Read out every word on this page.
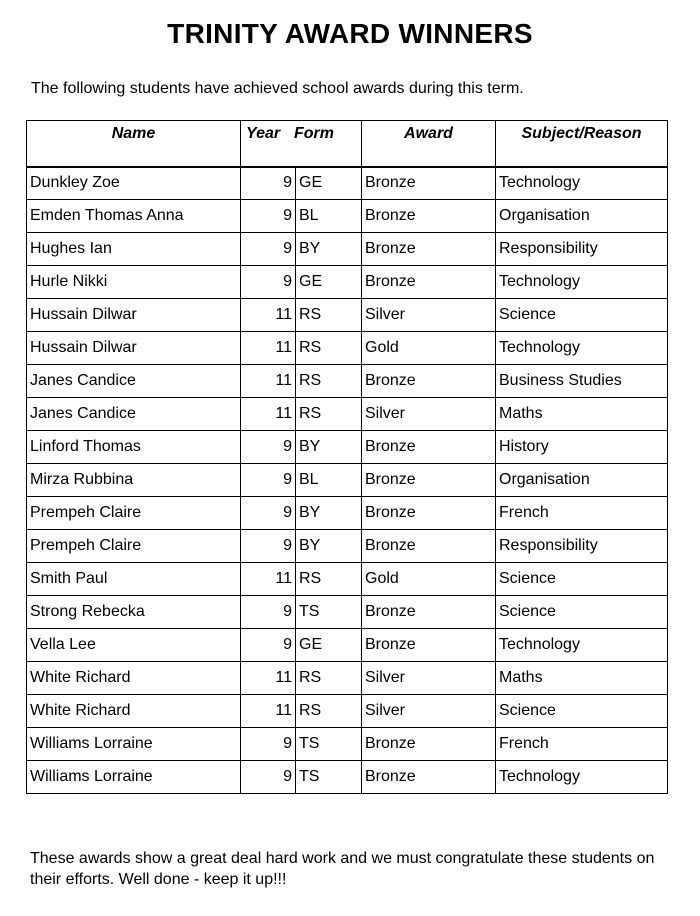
TRINITY AWARD WINNERS
The following students have achieved school awards during this term.
Name	Year Form		Award	Subject/Reason
Dunkley Zoe	9	GE	Bronze	Technology
Emden Thomas Anna	9	BL	Bronze	Organisation
Hughes Ian	9	BY	Bronze	Responsibility
Hurle Nikki	9	GE	Bronze	Technology
Hussain Dilwar	11	RS	Silver	Science
Hussain Dilwar	11	RS	Gold	Technology
Janes Candice	11	RS	Bronze	Business Studies
Janes Candice	11	RS	Silver	Maths
Linford Thomas	9	BY	Bronze	History
Mirza Rubbina	9	BL	Bronze	Organisation
Prempeh Claire	9	BY	Bronze	French
Prempeh Claire	9	BY	Bronze	Responsibility
Smith Paul	11	RS	Gold	Science
Strong Rebecka	9	TS	Bronze	Science
Vella Lee	9	GE	Bronze	Technology
White Richard	11	RS	Silver	Maths
White Richard	11	RS	Silver	Science
Williams Lorraine	9	TS	Bronze	French
Williams Lorraine	9	TS	Bronze	Technology
These awards show a great deal hard work and we must congratulate these students on their efforts. Well done - keep it up!!!
